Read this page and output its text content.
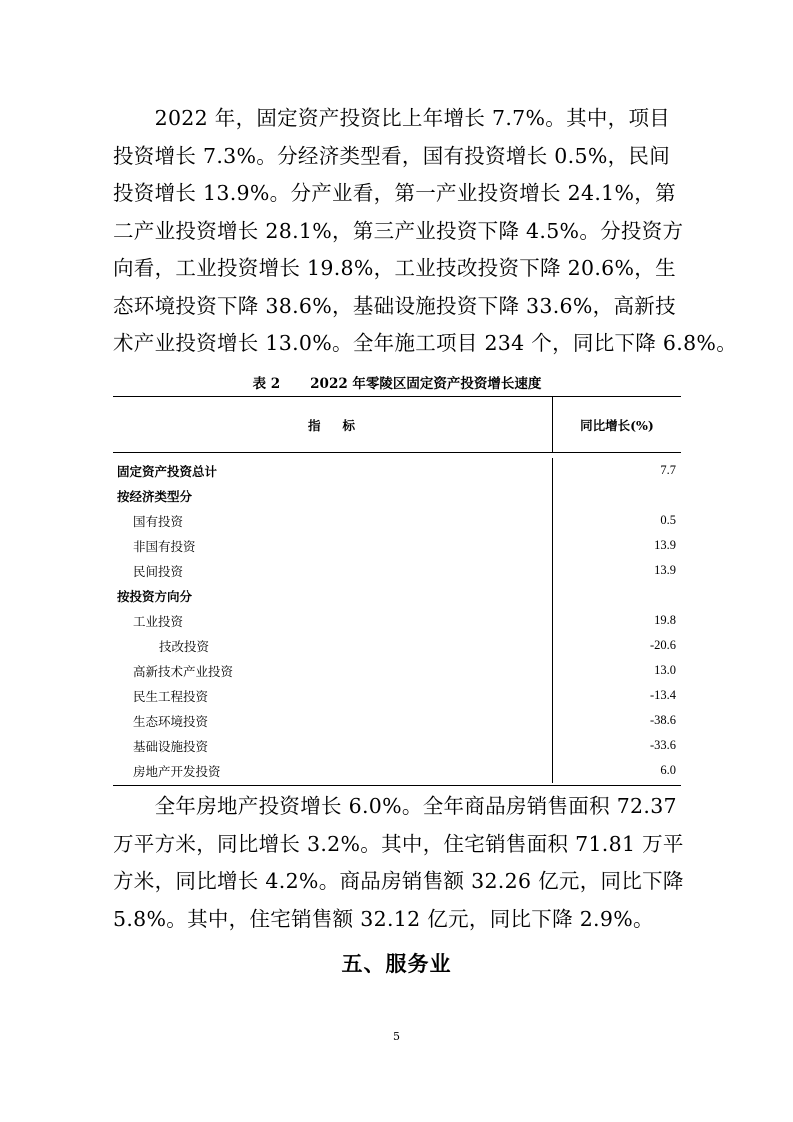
　　2022 年，固定资产投资比上年增长 7.7%。其中，项目
投资增长 7.3%。分经济类型看，国有投资增长 0.5%，民间
投资增长 13.9%。分产业看，第一产业投资增长 24.1%，第
二产业投资增长 28.1%，第三产业投资下降 4.5%。分投资方
向看，工业投资增长 19.8%，工业技改投资下降 20.6%，生
态环境投资下降 38.6%，基础设施投资下降 33.6%，高新技
术产业投资增长 13.0%。全年施工项目 234 个，同比下降 6.8%。
表 2 2022 年零陵区固定资产投资增长速度
指标	同比增长(%)
固定资产投资总计	7.7
按经济类型分
国有投资	0.5
非国有投资	13.9
民间投资	13.9
按投资方向分
工业投资	19.8
技改投资	-20.6
高新技术产业投资	13.0
民生工程投资	-13.4
生态环境投资	-38.6
基础设施投资	-33.6
房地产开发投资	6.0
　　全年房地产投资增长 6.0%。全年商品房销售面积 72.37
万平方米，同比增长 3.2%。其中，住宅销售面积 71.81 万平
方米，同比增长 4.2%。商品房销售额 32.26 亿元，同比下降
5.8%。其中，住宅销售额 32.12 亿元，同比下降 2.9%。
五、服务业
5
